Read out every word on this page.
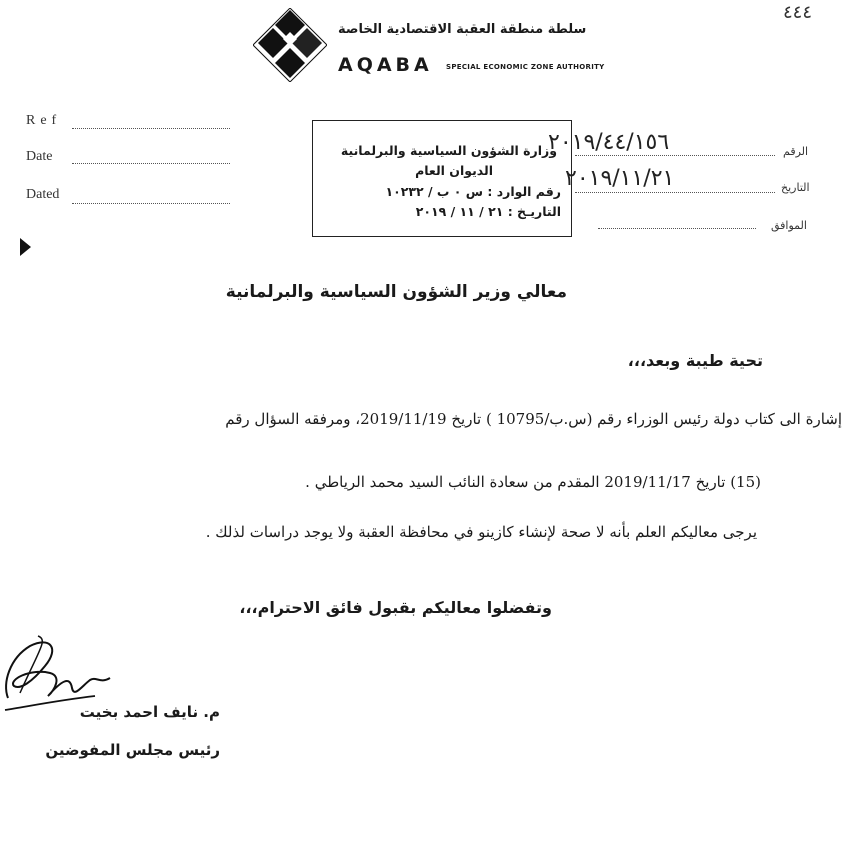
٤٤٤
سلطة منطقة العقبة الاقتصادية الخاصة
AQABA SPECIAL ECONOMIC ZONE AUTHORITY
Ref
Date
Dated
وزارة الشؤون السياسية والبرلمانية
الديوان العام
رقم الوارد : س ٠ ب / ١٠٢٣٢
التاريـخ : ٢١ / ١١ / ٢٠١٩
٢٠١٩/٤٤/١٥٦	الرقم
٢٠١٩/١١/٢١	التاريخ
الموافق
معالي وزير الشؤون السياسية والبرلمانية
تحية طيبة وبعد،،،
إشارة الى كتاب دولة رئيس الوزراء رقم (س.ب/10795 ) تاريخ 2019/11/19، ومرفقه السؤال رقم
(15) تاريخ 2019/11/17 المقدم من سعادة النائب السيد محمد الرياطي .
يرجى معاليكم العلم بأنه لا صحة لإنشاء كازينو في محافظة العقبة ولا يوجد دراسات لذلك .
وتفضلوا معاليكم بقبول فائق الاحترام،،،
م. نايف احمد بخيت
رئيس مجلس المفوضين
